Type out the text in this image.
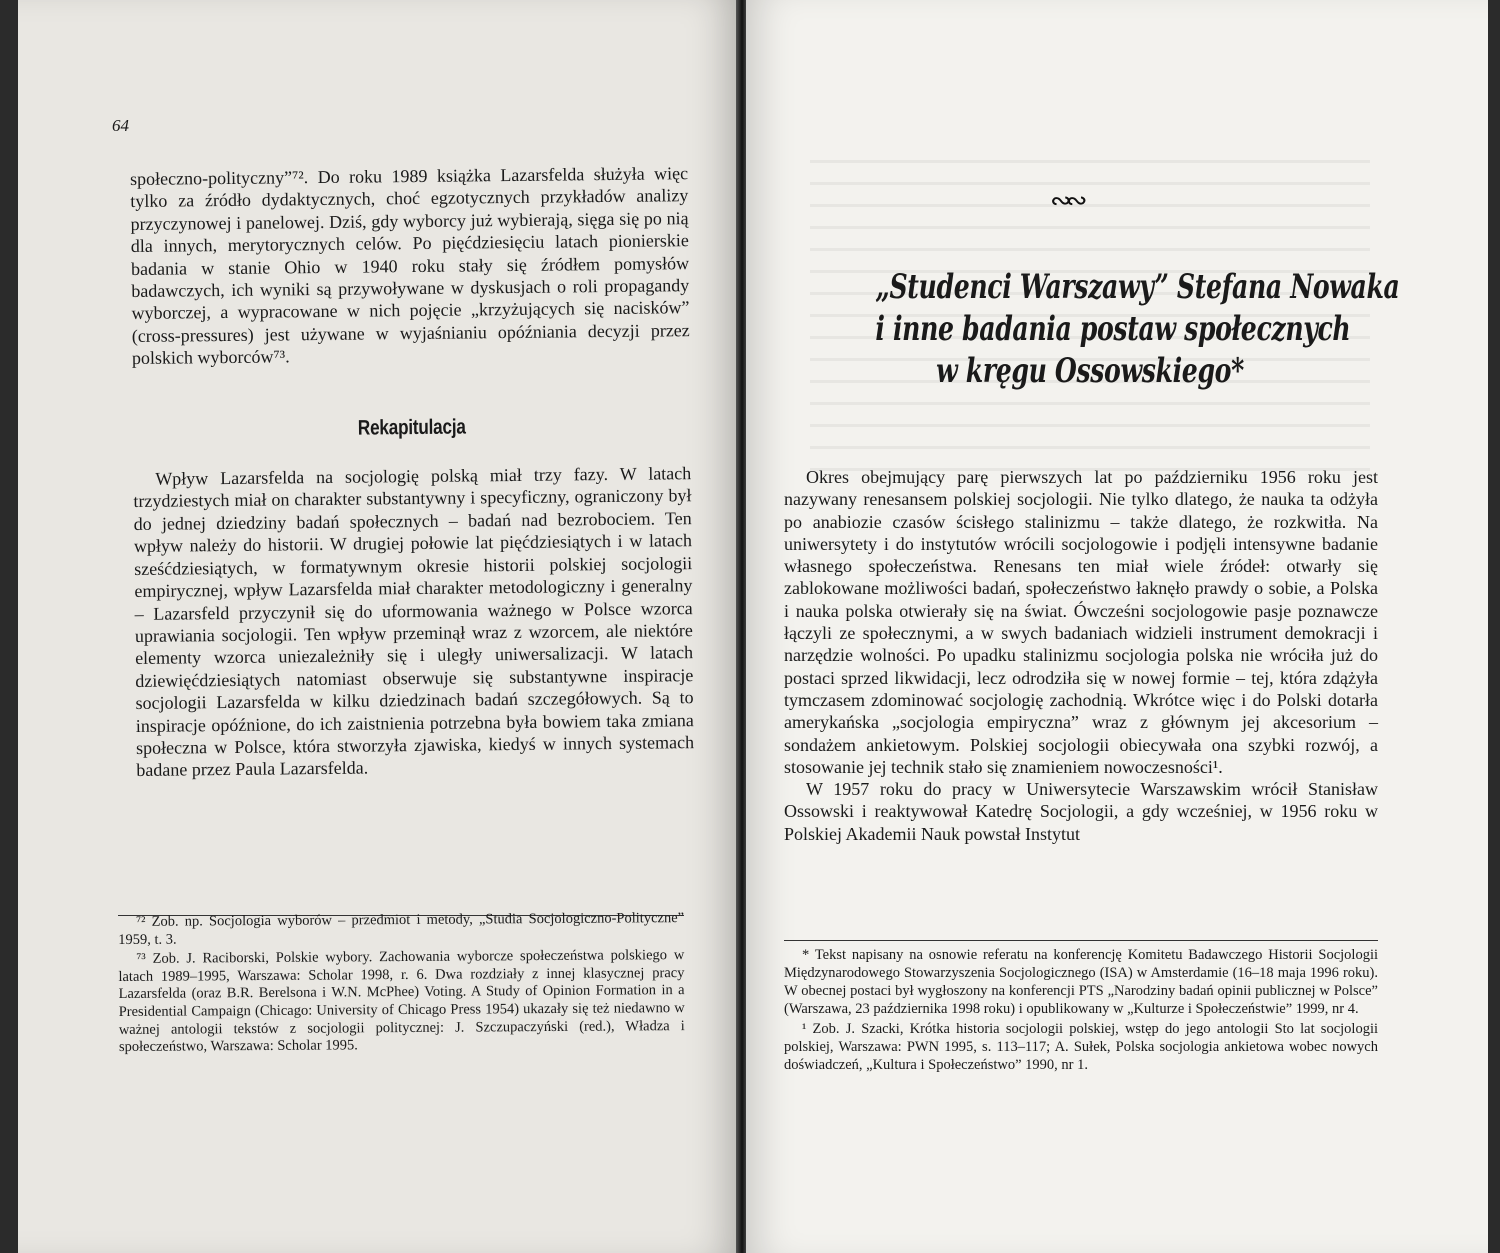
64

społeczno-polityczny”⁷². Do roku 1989 książka Lazarsfelda służyła więc tylko za źródło dydaktycznych, choć egzotycznych przykładów analizy przyczynowej i panelowej. Dziś, gdy wyborcy już wybierają, sięga się po nią dla innych, merytorycznych celów. Po pięćdziesięciu latach pionierskie badania w stanie Ohio w 1940 roku stały się źródłem pomysłów badawczych, ich wyniki są przywoływane w dyskusjach o roli propagandy wyborczej, a wypracowane w nich pojęcie „krzyżujących się nacisków” (cross-pressures) jest używane w wyjaśnianiu opóźniania decyzji przez polskich wyborców⁷³.

Rekapitulacja

Wpływ Lazarsfelda na socjologię polską miał trzy fazy. W latach trzydziestych miał on charakter substantywny i specyficzny, ograniczony był do jednej dziedziny badań społecznych – badań nad bezrobociem. Ten wpływ należy do historii. W drugiej połowie lat pięćdziesiątych i w latach sześćdziesiątych, w formatywnym okresie historii polskiej socjologii empirycznej, wpływ Lazarsfelda miał charakter metodologiczny i generalny – Lazarsfeld przyczynił się do uformowania ważnego w Polsce wzorca uprawiania socjologii. Ten wpływ przeminął wraz z wzorcem, ale niektóre elementy wzorca uniezależniły się i uległy uniwersalizacji. W latach dziewięćdziesiątych natomiast obserwuje się substantywne inspiracje socjologii Lazarsfelda w kilku dziedzinach badań szczegółowych. Są to inspiracje opóźnione, do ich zaistnienia potrzebna była bowiem taka zmiana społeczna w Polsce, która stworzyła zjawiska, kiedyś w innych systemach badane przez Paula Lazarsfelda.

⁷² Zob. np. Socjologia wyborów – przedmiot i metody, „Studia Socjologiczno-Polityczne” 1959, t. 3.

⁷³ Zob. J. Raciborski, Polskie wybory. Zachowania wyborcze społeczeństwa polskiego w latach 1989–1995, Warszawa: Scholar 1998, r. 6. Dwa rozdziały z innej klasycznej pracy Lazarsfelda (oraz B.R. Berelsona i W.N. McPhee) Voting. A Study of Opinion Formation in a Presidential Campaign (Chicago: University of Chicago Press 1954) ukazały się też niedawno w ważnej antologii tekstów z socjologii politycznej: J. Szczupaczyński (red.), Władza i społeczeństwo, Warszawa: Scholar 1995.

∾∾
„Studenci Warszawy” Stefana Nowaka
i inne badania postaw społecznych
w kręgu Ossowskiego*

Okres obejmujący parę pierwszych lat po październiku 1956 roku jest nazywany renesansem polskiej socjologii. Nie tylko dlatego, że nauka ta odżyła po anabiozie czasów ścisłego stalinizmu – także dlatego, że rozkwitła. Na uniwersytety i do instytutów wrócili socjologowie i podjęli intensywne badanie własnego społeczeństwa. Renesans ten miał wiele źródeł: otwarły się zablokowane możliwości badań, społeczeństwo łaknęło prawdy o sobie, a Polska i nauka polska otwierały się na świat. Ówcześni socjologowie pasje poznawcze łączyli ze społecznymi, a w swych badaniach widzieli instrument demokracji i narzędzie wolności. Po upadku stalinizmu socjologia polska nie wróciła już do postaci sprzed likwidacji, lecz odrodziła się w nowej formie – tej, która zdążyła tymczasem zdominować socjologię zachodnią. Wkrótce więc i do Polski dotarła amerykańska „socjologia empiryczna” wraz z głównym jej akcesorium – sondażem ankietowym. Polskiej socjologii obiecywała ona szybki rozwój, a stosowanie jej technik stało się znamieniem nowoczesności¹.

W 1957 roku do pracy w Uniwersytecie Warszawskim wrócił Stanisław Ossowski i reaktywował Katedrę Socjologii, a gdy wcześniej, w 1956 roku w Polskiej Akademii Nauk powstał Instytut

* Tekst napisany na osnowie referatu na konferencję Komitetu Badawczego Historii Socjologii Międzynarodowego Stowarzyszenia Socjologicznego (ISA) w Amsterdamie (16–18 maja 1996 roku). W obecnej postaci był wygłoszony na konferencji PTS „Narodziny badań opinii publicznej w Polsce” (Warszawa, 23 października 1998 roku) i opublikowany w „Kulturze i Społeczeństwie” 1999, nr 4.

¹ Zob. J. Szacki, Krótka historia socjologii polskiej, wstęp do jego antologii Sto lat socjologii polskiej, Warszawa: PWN 1995, s. 113–117; A. Sułek, Polska socjologia ankietowa wobec nowych doświadczeń, „Kultura i Społeczeństwo” 1990, nr 1.
